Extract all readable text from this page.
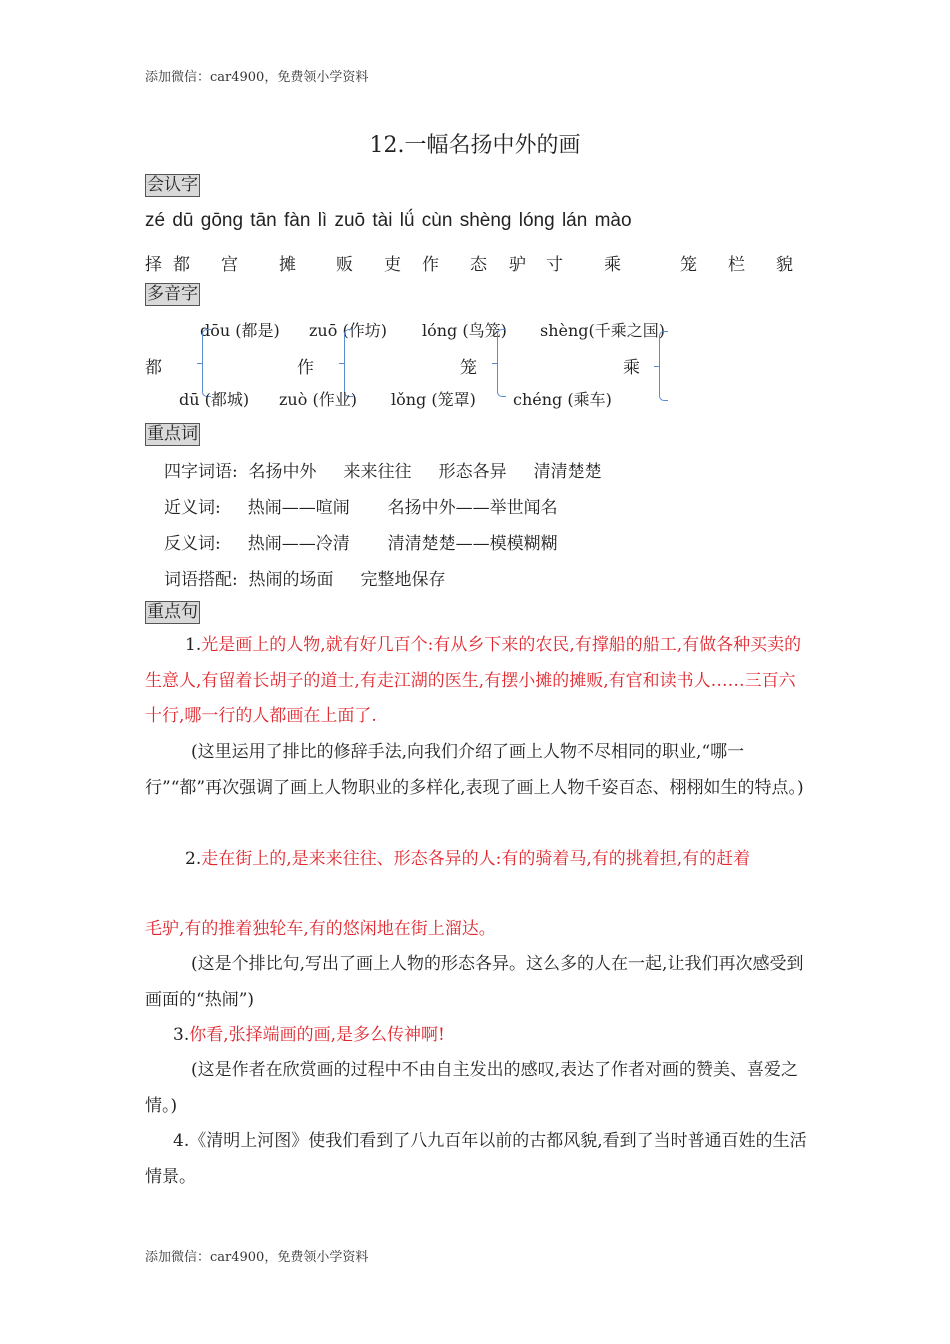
添加微信：car4900，免费领小学资料
12.一幅名扬中外的画
会认字
zé dū gōng tān fàn lì zuō tài lǘ cùn shèng lóng lán mào
择 都 宫 摊 贩 吏 作 态 驴 寸 乘	笼 栏 貌
多音字
dōu (都是) zuō (作坊) lóng (鸟笼) shèng(千乘之国)
都	作	笼	乘
dū (都城) zuò (作业) lǒng (笼罩) chéng (乘车)
重点词
四字词语:  名扬中外     来来往往     形态各异     清清楚楚
近义词:     热闹——喧闹       名扬中外——举世闻名
反义词:     热闹——冷清       清清楚楚——模模糊糊
词语搭配:  热闹的场面     完整地保存
重点句

1.光是画上的人物,就有好几百个:有从乡下来的农民,有撑船的船工,有做各种买卖的生意人,有留着长胡子的道士,有走江湖的医生,有摆小摊的摊贩,有官和读书人……三百六十行,哪一行的人都画在上面了.

(这里运用了排比的修辞手法,向我们介绍了画上人物不尽相同的职业,“哪一行”“都”再次强调了画上人物职业的多样化,表现了画上人物千姿百态、栩栩如生的特点。)

2.走在街上的,是来来往往、形态各异的人:有的骑着马,有的挑着担,有的赶着

毛驴,有的推着独轮车,有的悠闲地在街上溜达。

(这是个排比句,写出了画上人物的形态各异。这么多的人在一起,让我们再次感受到画面的“热闹”)

3.你看,张择端画的画,是多么传神啊!

(这是作者在欣赏画的过程中不由自主发出的感叹,表达了作者对画的赞美、喜爱之情。)

4.《清明上河图》使我们看到了八九百年以前的古都风貌,看到了当时普通百姓的生活情景。

添加微信：car4900，免费领小学资料
